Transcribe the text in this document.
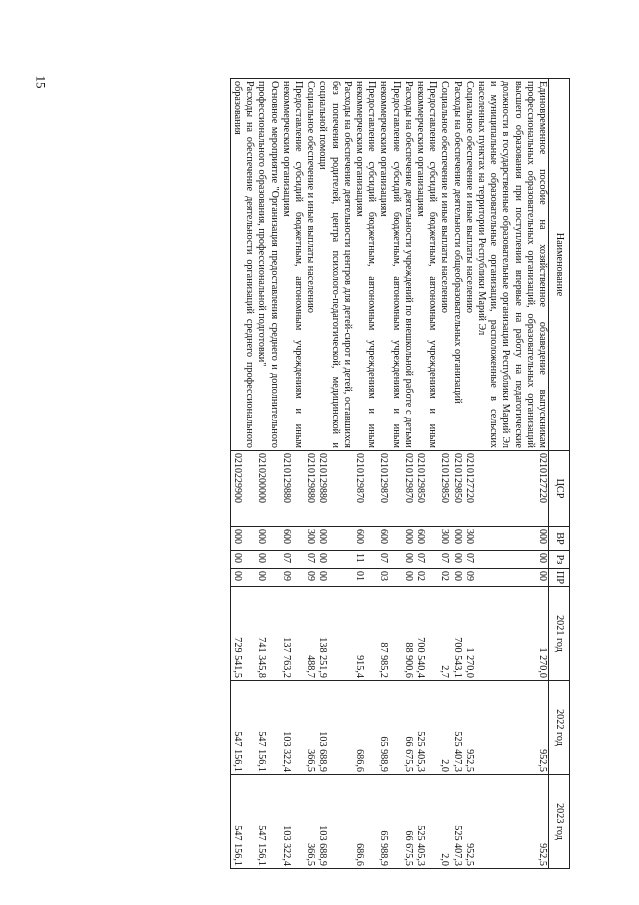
15
Наименование	ЦСР	ВР	Рз	ПР	2021 год	2022 год	2023 год
Единовременное пособие на хозяйственное обзаведение выпускникам профессиональных образовательных организаций, образовательных организаций высшего образования при поступлении впервые на работу на педагогические должности в государственные образовательные организации Республики Марий Эл и муниципальные образовательные организации, расположенные в сельских населенных пунктах на территории Республики Марий Эл	0210127220	000	00	00	1 270,0	952,5	952,5
Социальное обеспечение и иные выплаты населению	0210127220	300	07	09	1 270,0	952,5	952,5
Расходы на обеспечение деятельности общеобразовательных организаций	0210129850	000	00	00	700 543,1	525 407,3	525 407,3
Социальное обеспечение и иные выплаты населению	0210129850	300	07	02	2,7	2,0	2,0
Предоставление субсидий бюджетным, автономным учреждениям и иным некоммерческим организациям	0210129850	600	07	02	700 540,4	525 405,3	525 405,3
Расходы на обеспечение деятельности учреждений по внешкольной работе с детьми	0210129870	000	00	00	88 900,6	66 675,5	66 675,5
Предоставление субсидий бюджетным, автономным учреждениям и иным некоммерческим организациям	0210129870	600	07	03	87 985,2	65 988,9	65 988,9
Предоставление субсидий бюджетным, автономным учреждениям и иным некоммерческим организациям	0210129870	600	11	01	915,4	686,6	686,6
Расходы на обеспечение деятельности центров для детей-сирот и детей, оставшихся без попечения родителей, центра психолого-педагогической, медицинской и социальной помощи	0210129880	000	00	00	138 251,9	103 688,9	103 688,9
Социальное обеспечение и иные выплаты населению	0210129880	300	07	09	488,7	366,5	366,5
Предоставление субсидий бюджетным, автономным учреждениям и иным некоммерческим организациям	0210129880	600	07	09	137 763,2	103 322,4	103 322,4
Основное мероприятие "Организация предоставления среднего и дополнительного профессионального образования, профессиональной подготовки"	0210200000	000	00	00	741 345,8	547 156,1	547 156,1
Расходы на обеспечение деятельности организаций среднего профессионального образования	0210229900	000	00	00	729 541,5	547 156,1	547 156,1
